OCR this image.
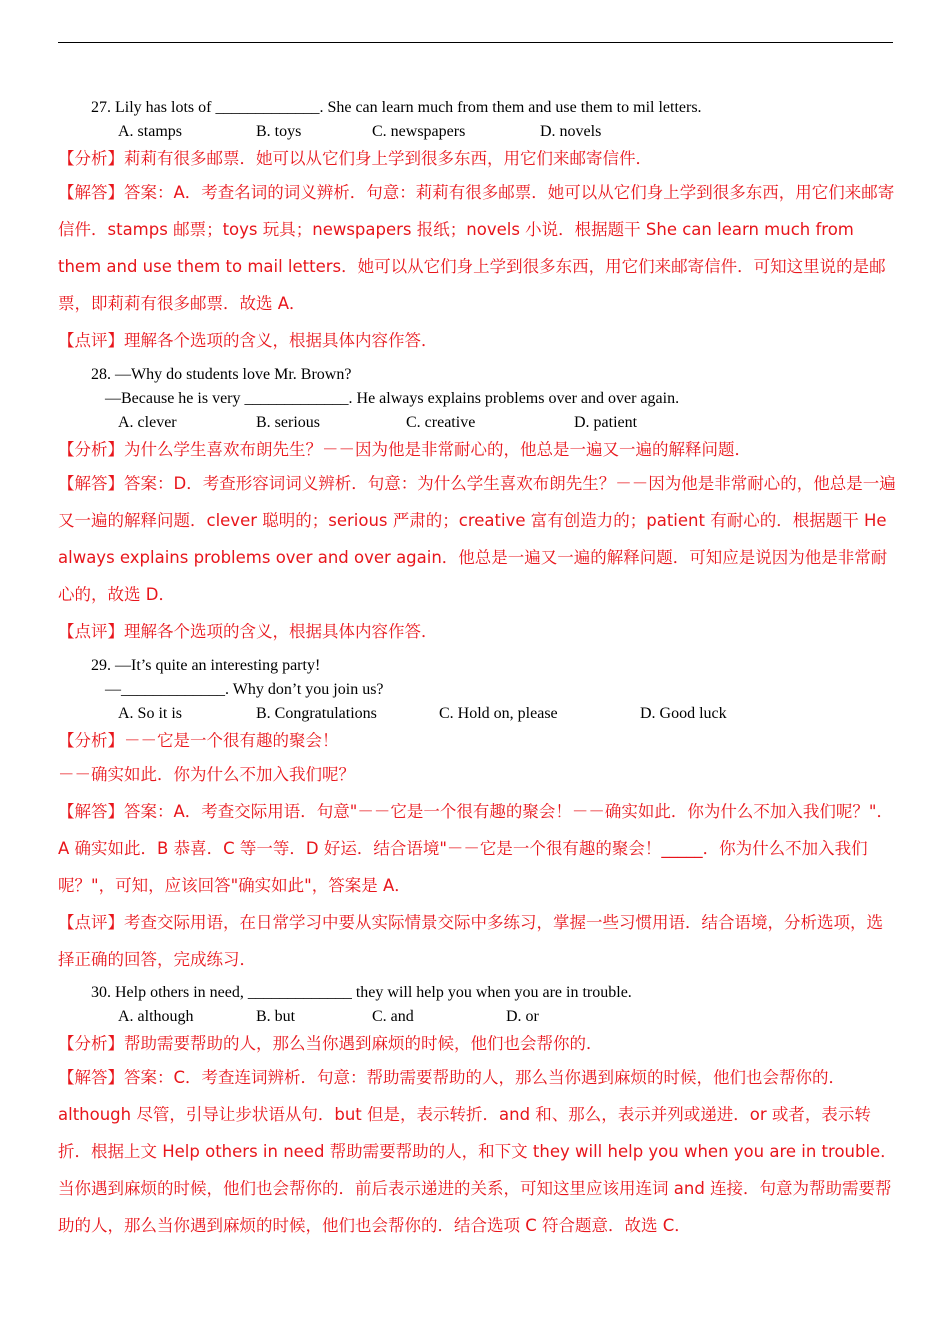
27. Lily has lots of _____________. She can learn much from them and use them to mil letters.
A. stamps	B. toys	C. newspapers	D. novels
【分析】莉莉有很多邮票．她可以从它们身上学到很多东西，用它们来邮寄信件．
【解答】答案：A．考查名词的词义辨析．句意：莉莉有很多邮票．她可以从它们身上学到很多东西，用它们来邮寄信件．stamps 邮票；toys 玩具；newspapers 报纸；novels 小说．根据题干 She can learn much from them and use them to mail letters．她可以从它们身上学到很多东西，用它们来邮寄信件．可知这里说的是邮票，即莉莉有很多邮票．故选 A．
【点评】理解各个选项的含义，根据具体内容作答．
28. —Why do students love Mr. Brown?
—Because he is very _____________. He always explains problems over and over again.
A. clever	B. serious	C. creative	D. patient
【分析】为什么学生喜欢布朗先生？－－因为他是非常耐心的，他总是一遍又一遍的解释问题．
【解答】答案：D．考查形容词词义辨析．句意：为什么学生喜欢布朗先生？－－因为他是非常耐心的，他总是一遍又一遍的解释问题．clever 聪明的；serious 严肃的；creative 富有创造力的；patient 有耐心的．根据题干 He always explains problems over and over again．他总是一遍又一遍的解释问题．可知应是说因为他是非常耐心的，故选 D．
【点评】理解各个选项的含义，根据具体内容作答．
29. —It’s quite an interesting party!
—_____________. Why don’t you join us?
A. So it is	B. Congratulations	C. Hold on, please	D. Good luck
【分析】－－它是一个很有趣的聚会！
－－确实如此．你为什么不加入我们呢？
【解答】答案：A．考查交际用语．句意"－－它是一个很有趣的聚会！－－确实如此．你为什么不加入我们呢？"．A 确实如此．B 恭喜．C 等一等．D 好运．结合语境"－－它是一个很有趣的聚会！_____．你为什么不加入我们呢？"，可知，应该回答"确实如此"，答案是 A．
【点评】考查交际用语，在日常学习中要从实际情景交际中多练习，掌握一些习惯用语．结合语境，分析选项，选择正确的回答，完成练习．
30. Help others in need, _____________ they will help you when you are in trouble.
A. although	B. but	C. and	D. or
【分析】帮助需要帮助的人，那么当你遇到麻烦的时候，他们也会帮你的．
【解答】答案：C．考查连词辨析．句意：帮助需要帮助的人，那么当你遇到麻烦的时候，他们也会帮你的．although 尽管，引导让步状语从句．but 但是，表示转折．and 和、那么，表示并列或递进．or 或者，表示转折．根据上文 Help others in need 帮助需要帮助的人，和下文 they will help you when you are in trouble．当你遇到麻烦的时候，他们也会帮你的．前后表示递进的关系，可知这里应该用连词 and 连接．句意为帮助需要帮助的人，那么当你遇到麻烦的时候，他们也会帮你的．结合选项 C 符合题意．故选 C．
